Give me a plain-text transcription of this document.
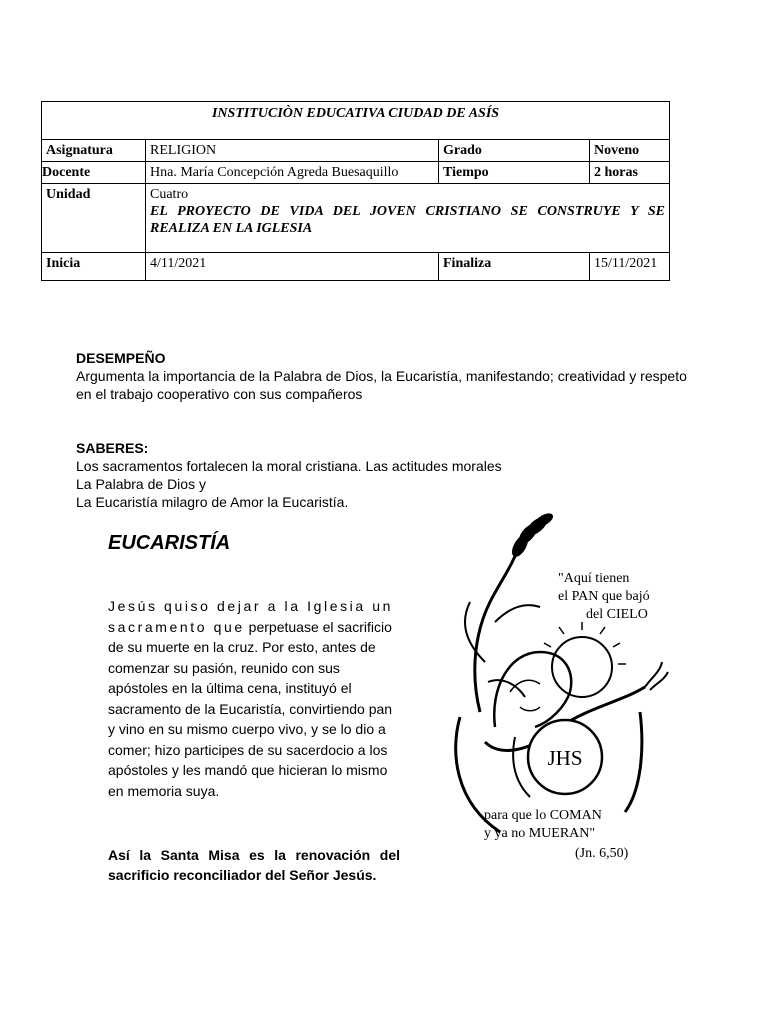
INSTITUCIÒN EDUCATIVA CIUDAD DE ASÍS			
Asignatura	RELIGION	Grado	Noveno
Docente	Hna. María Concepción Agreda Buesaquillo	Tiempo	2 horas
Unidad	Cuatro
EL PROYECTO DE VIDA DEL JOVEN CRISTIANO SE CONSTRUYE Y SE REALIZA EN LA IGLESIA		

Inicia	4/11/2021	Finaliza	15/11/2021
DESEMPEÑO
Argumenta la importancia de la Palabra de Dios, la Eucaristía, manifestando; creatividad y respeto en el trabajo cooperativo con sus compañeros
SABERES:
Los sacramentos fortalecen la moral cristiana. Las actitudes morales
La Palabra de Dios y
La Eucaristía milagro de Amor la Eucaristía.
EUCARISTÍA

Jesús quiso dejar a la Iglesia un sacramento que perpetuase el sacrificio de su muerte en la cruz. Por esto, antes de comenzar su pasión, reunido con sus apóstoles en la última cena, instituyó el sacramento de la Eucaristía, convirtiendo pan y vino en su mismo cuerpo vivo, y se lo dio a comer; hizo participes de su sacerdocio a los apóstoles y les mandó que hicieran lo mismo en memoria suya.

Así la Santa Misa es la renovación del sacrificio reconciliador del Señor Jesús.

JHS
"Aquí tienen
el PAN que bajó
del CIELO
para que lo COMAN
y ya no MUERAN"
(Jn. 6,50)
